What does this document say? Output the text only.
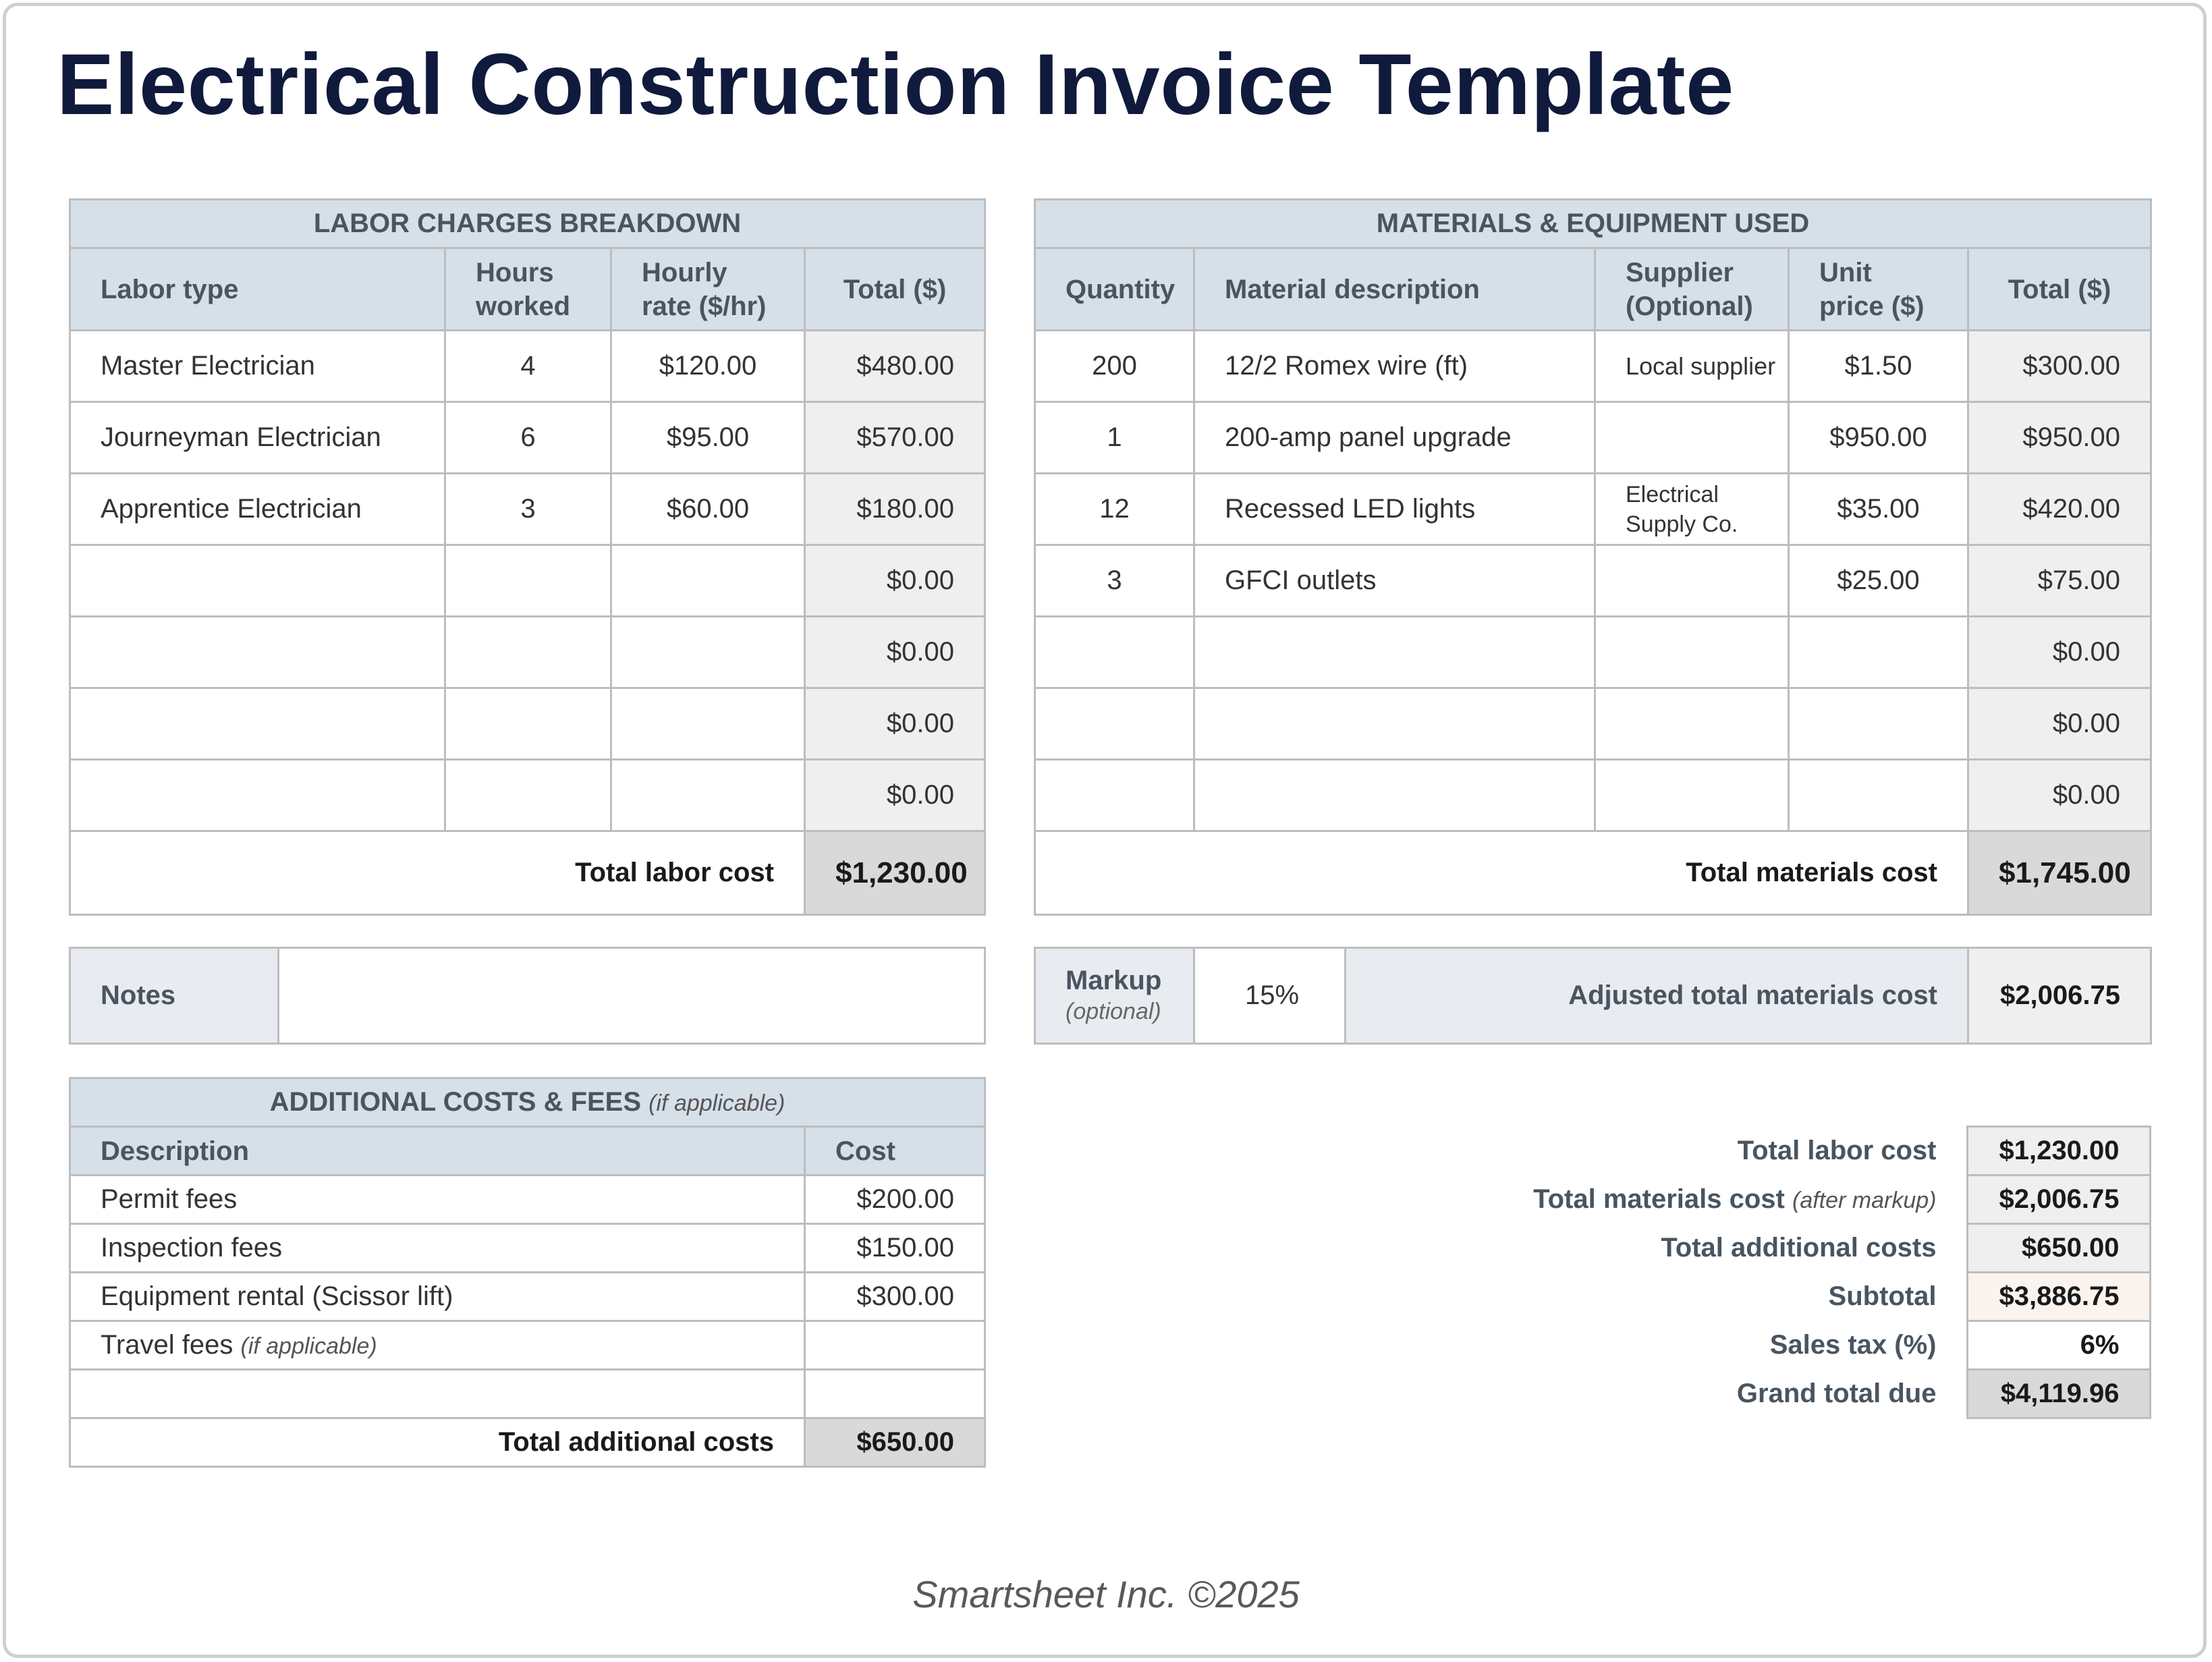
Electrical Construction Invoice Template
LABOR CHARGES BREAKDOWN			
Labor type	Hours worked	Hourly rate ($/hr)	Total ($)
Master Electrician	4	$120.00	$480.00
Journeyman Electrician	6	$95.00	$570.00
Apprentice Electrician	3	$60.00	$180.00
			$0.00
			$0.00
			$0.00
			$0.00
Total labor cost			$1,230.00
MATERIALS & EQUIPMENT USED				
Quantity	Material description	Supplier (Optional)	Unit price ($)	Total ($)
200	12/2 Romex wire (ft)	Local supplier	$1.50	$300.00
1	200-amp panel upgrade		$950.00	$950.00
12	Recessed LED lights	Electrical Supply Co.	$35.00	$420.00
3	GFCI outlets		$25.00	$75.00
				$0.00
				$0.00
				$0.00
Total materials cost				$1,745.00
Notes	
Markup
(optional)
	15%	Adjusted total materials cost	$2,006.75
ADDITIONAL COSTS & FEES (if applicable)	
Description	Cost
Permit fees	$200.00
Inspection fees	$150.00
Equipment rental (Scissor lift)	$300.00
Travel fees (if applicable)	

Total additional costs	$650.00
Total labor cost	$1,230.00
Total materials cost (after markup)	$2,006.75
Total additional costs	$650.00
Subtotal	$3,886.75
Sales tax (%)	6%
Grand total due	$4,119.96
Smartsheet Inc. ©2025
